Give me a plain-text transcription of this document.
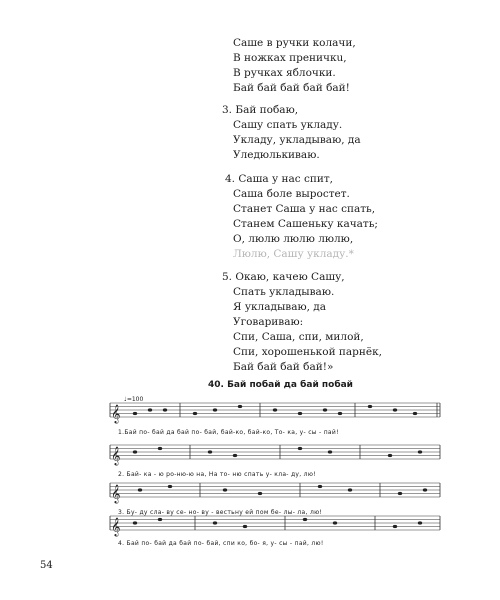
Саше в ручки колачи,
В ножках преничкu,
В ручках яблочки.
Бай бай бай бай бай!
3. Бай побаю,
Сашу спать укладу.
Укладу, укладываю, да
Уледюлькиваю.
4. Саша у нас спит,
Саша боле выростет.
Станет Саша у нас спать,
Станем Сашеньку качать;
О, люлю люлю люлю,
Люлю, Сашу укладу.*
5. Окаю, качею Сашу,
Спать укладываю.
Я укладываю, да
Уговариваю:
Спи, Саша, спи, милой,
Спи, хорошенькой парнёк,
Бай бай бай бай!»
40. Бай побай да бай побай
𝄞
𝄞
𝄞
𝄞
♩=100
1.Бай по- бай да бай по- бай, бай-ко, бай-ко, То- ка, у- сы - пай!
2. Бай- ка - ю ро-ню-ю на, На то- ню спать у- кла- ду, лю!
3. Бу- ду сла- ву се- но- ву - вестьну ей пом бе- лы- ла, лю!
4. Бай по- бай да бай по- бай, спи ко, бо- я, у- сы - пай, лю!
54
